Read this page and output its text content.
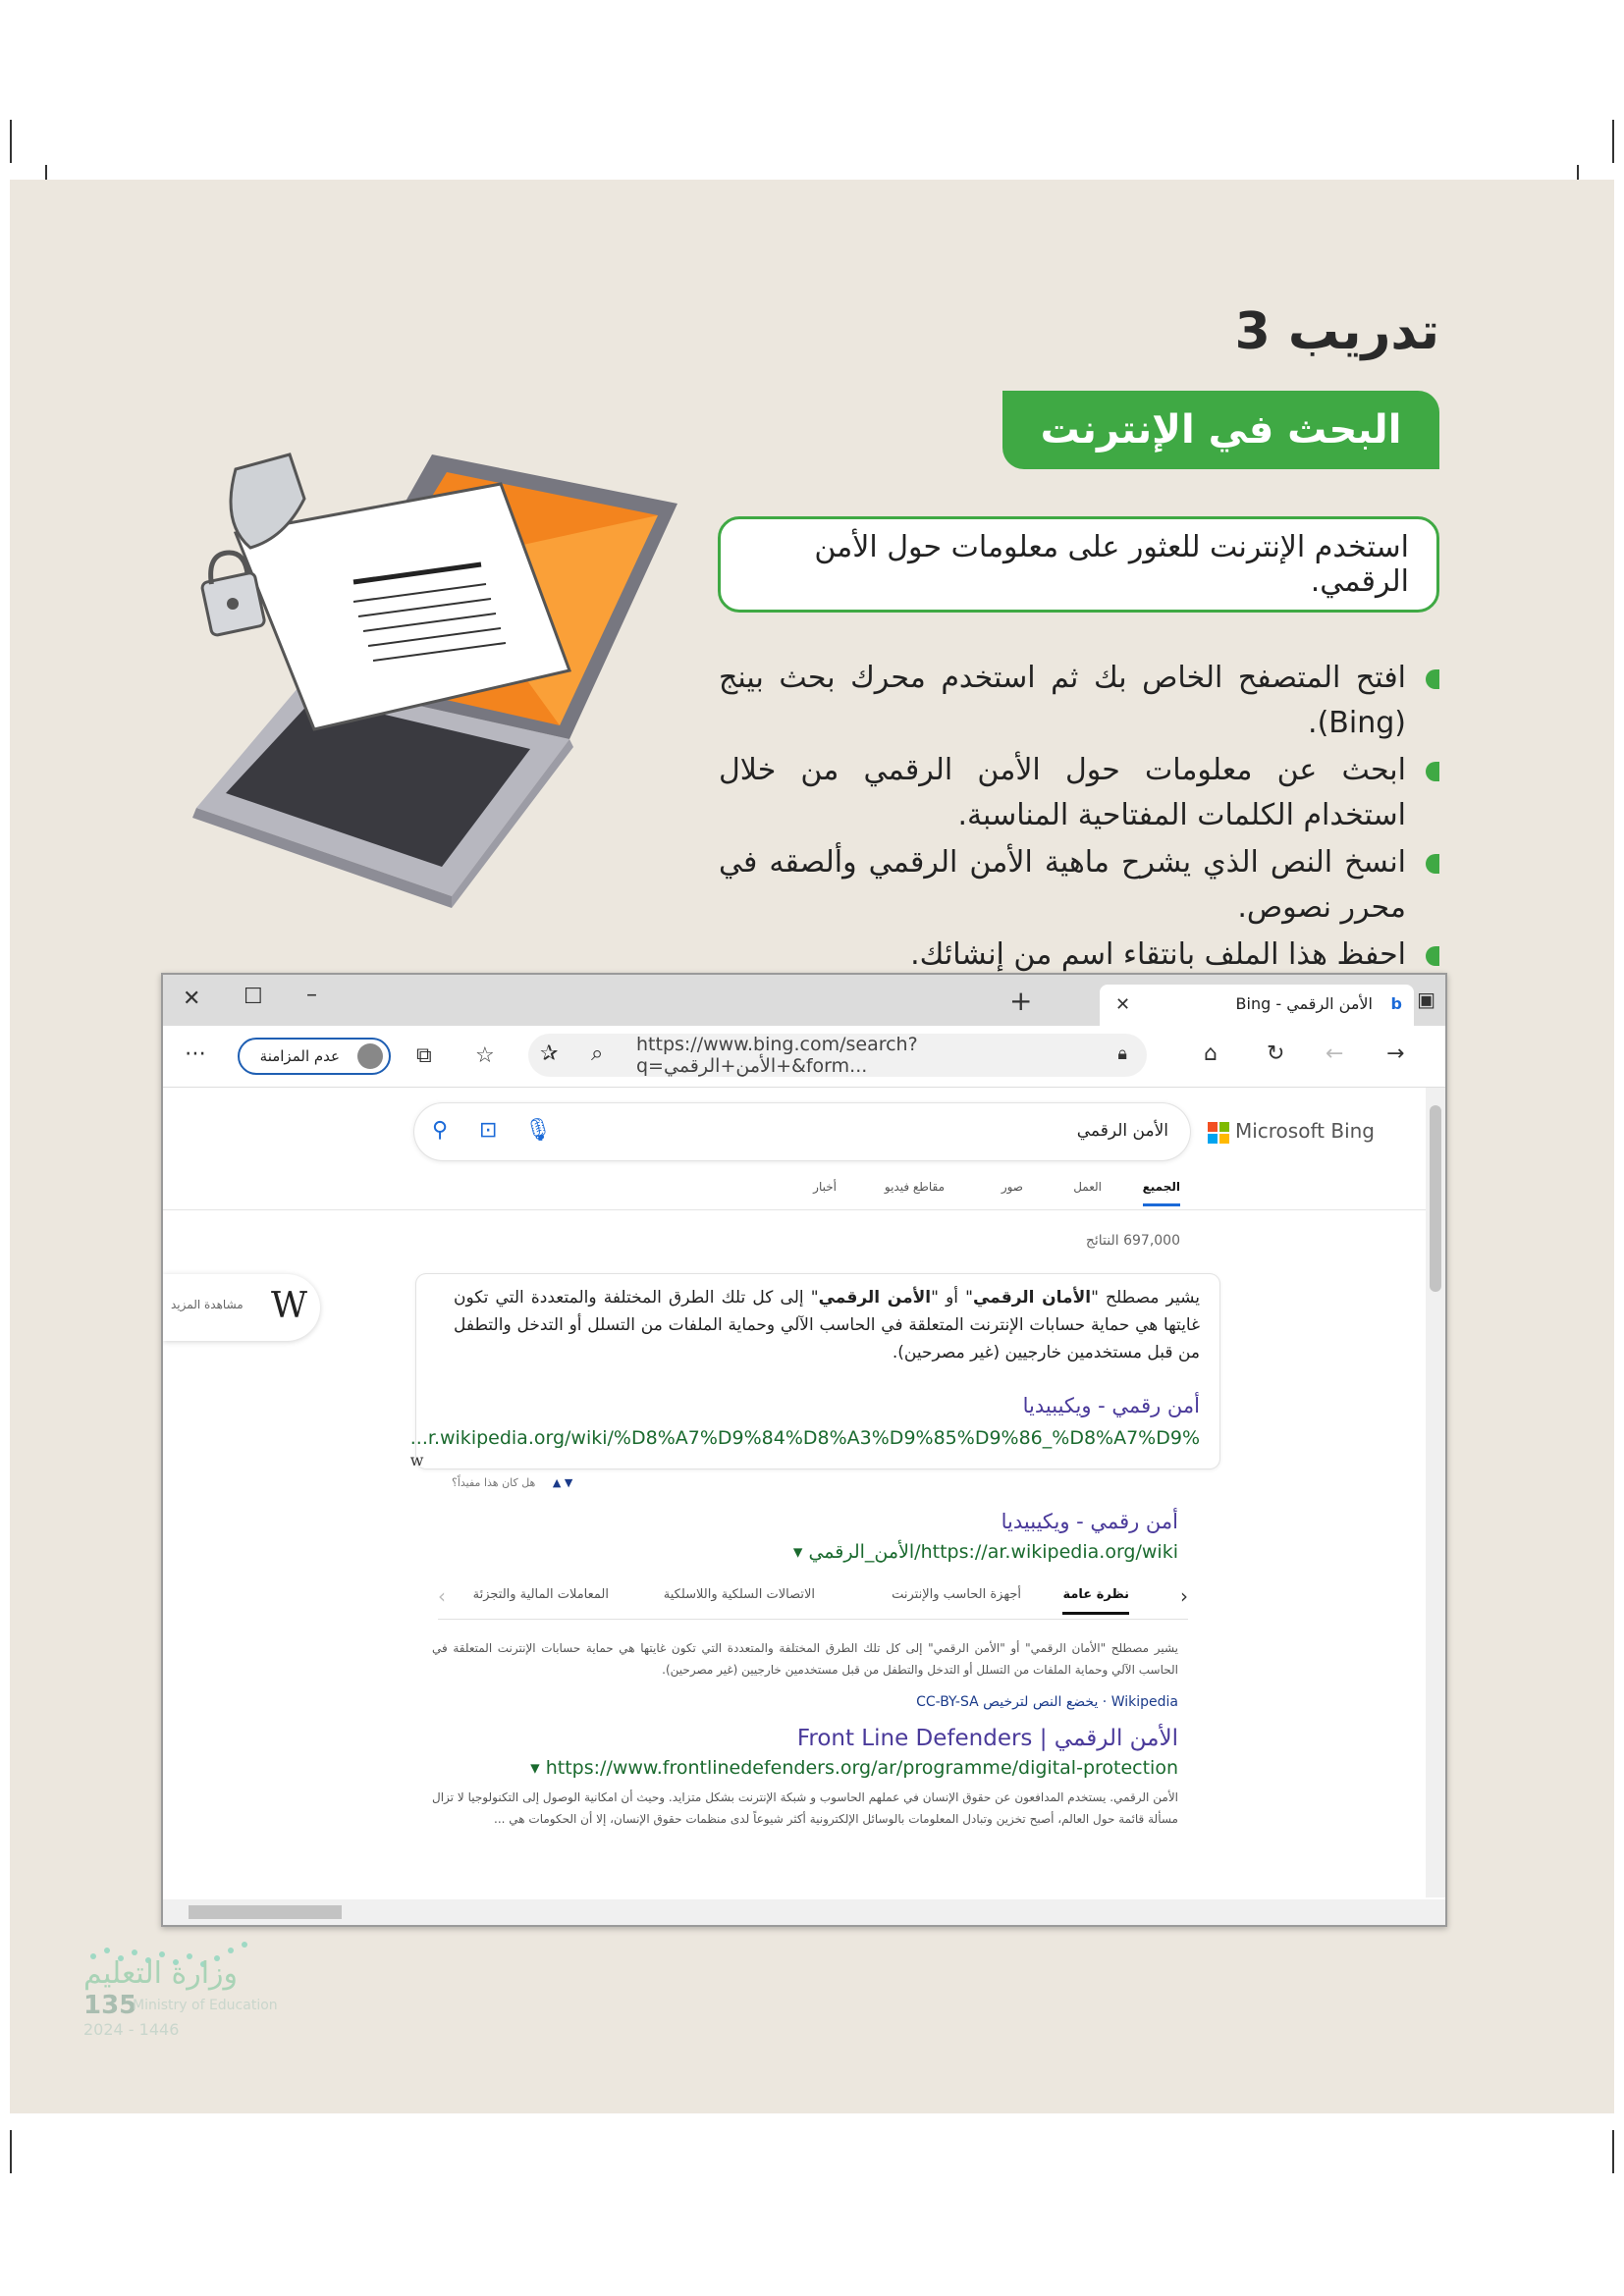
تدريب 3
البحث في الإنترنت
استخدم الإنترنت للعثور على معلومات حول الأمن الرقمي.
افتح المتصفح الخاص بك ثم استخدم محرك بحث بينج (Bing).
ابحث عن معلومات حول الأمن الرقمي من خلال استخدام الكلمات المفتاحية المناسبة.
انسخ النص الذي يشرح ماهية الأمن الرقمي وألصقه في محرر نصوص.
احفظ هذا الملف بانتقاء اسم من إنشائك.
✕ ☐ –	+	✕	الأمن الرقمي - Bing b ▣
⋯	عدم المزامنة	⧉ ☆ ✰ ⌕ https://www.bing.com/search?q=الأمن+الرقمي+&form...
🔒︎	⌂ ↻ ← →
Microsoft Bing
الأمن الرقمي
🎙︎
⊡
⚲
الجميع
العمل
صور
مقاطع فيديو
أخبار
697,000 النتائج
مشاهدة المزيد W	يشير مصطلح "الأمان الرقمي" أو "الأمن الرقمي" إلى كل تلك الطرق المختلفة والمتعددة التي تكون غايتها هي حماية حسابات الإنترنت المتعلقة في الحاسب الآلي وحماية الملفات من التسلل أو التدخل والتطفل من قبل مستخدمين خارجيين (غير مصرحين).
أمن رقمي - ويكيبيديا
...r.wikipedia.org/wiki/%D8%A7%D9%84%D8%A3%D9%85%D9%86_%D8%A7%D9% w
▼ ▲ هل كان هذا مفيداً؟
أمن رقمي - ويكيبيديا
https://ar.wikipedia.org/wiki/الأمن_الرقمي ▾
‹
نظرة عامة
أجهزة الحاسب والإنترنت
الاتصالات السلكية واللاسلكية
المعاملات المالية والتجزئة
›
يشير مصطلح "الأمان الرقمي" أو "الأمن الرقمي" إلى كل تلك الطرق المختلفة والمتعددة التي تكون غايتها هي حماية حسابات الإنترنت المتعلقة في الحاسب الآلي وحماية الملفات من التسلل أو التدخل والتطفل من قبل مستخدمين خارجيين (غير مصرحين).
Wikipedia · يخضع النص لترخيص CC-BY-SA
الأمن الرقمي | Front Line Defenders
▾ https://www.frontlinedefenders.org/ar/programme/digital-protection
الأمن الرقمي. يستخدم المدافعون عن حقوق الإنسان في عملهم الحاسوب و شبكة الإنترنت بشكل متزايد. وحيث أن امكانية الوصول إلى التكنولوجيا لا تزال مسألة قائمة حول العالم، أصبح تخزين وتبادل المعلومات بالوسائل الإلكترونية أكثر شيوعاً لدى منظمات حقوق الإنسان، إلا أن الحكومات هي ...
وزارة التعليم
135
Ministry of Education
2024 - 1446
